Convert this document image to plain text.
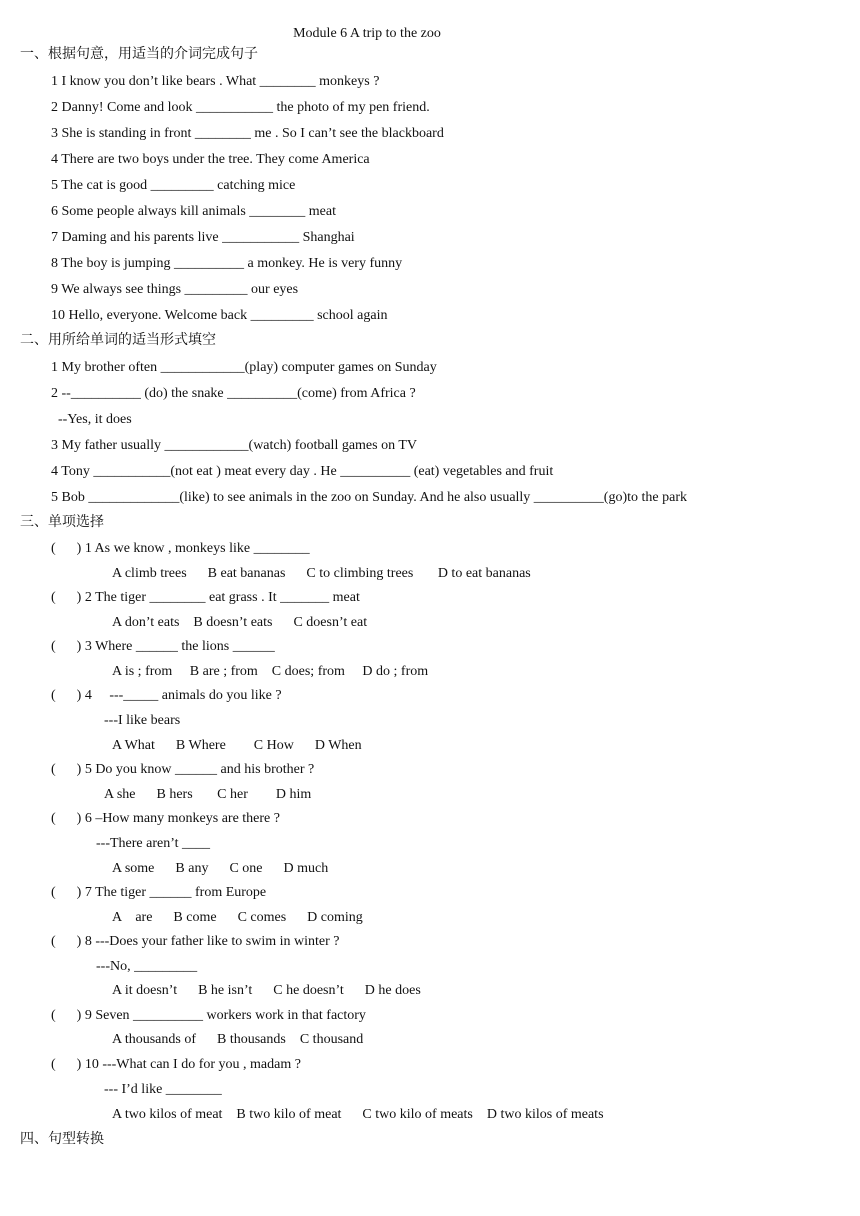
Module 6 A trip to the zoo
一、根据句意，用适当的介词完成句子
1 I know you don’t like bears . What ________ monkeys ?
2 Danny! Come and look ___________ the photo of my pen friend.
3 She is standing in front ________ me . So I can’t see the blackboard
4 There are two boys under the tree. They come America
5 The cat is good _________ catching mice
6 Some people always kill animals ________ meat
7 Daming and his parents live ___________ Shanghai
8 The boy is jumping __________ a monkey. He is very funny
9 We always see things _________ our eyes
10 Hello, everyone. Welcome back _________ school again
二、用所给单词的适当形式填空
1 My brother often ____________(play) computer games on Sunday
2 --__________ (do) the snake __________(come) from Africa ?
--Yes, it does
3 My father usually ____________(watch) football games on TV
4 Tony ___________(not eat ) meat every day . He __________ (eat) vegetables and fruit
5 Bob _____________(like) to see animals in the zoo on Sunday. And he also usually __________(go)to the park
三、单项选择
(      ) 1 As we know , monkeys like ________
A climb trees      B eat bananas      C to climbing trees       D to eat bananas
(      ) 2 The tiger ________ eat grass . It _______ meat
A don’t eats    B doesn’t eats      C doesn’t eat
(      ) 3 Where ______ the lions ______
A is ; from     B are ; from    C does; from     D do ; from
(      ) 4     ---_____ animals do you like ?
---I like bears
A What      B Where        C How      D When
(      ) 5 Do you know ______ and his brother ?
A she      B hers       C her        D him
(      ) 6 –How many monkeys are there ?
---There aren’t ____
A some      B any      C one      D much
(      ) 7 The tiger ______ from Europe
A    are      B come      C comes      D coming
(      ) 8 ---Does your father like to swim in winter ?
---No, _________
A it doesn’t      B he isn’t      C he doesn’t      D he does
(      ) 9 Seven __________ workers work in that factory
A thousands of      B thousands    C thousand
(      ) 10 ---What can I do for you , madam ?
--- I’d like ________
A two kilos of meat    B two kilo of meat      C two kilo of meats    D two kilos of meats
四、句型转换
